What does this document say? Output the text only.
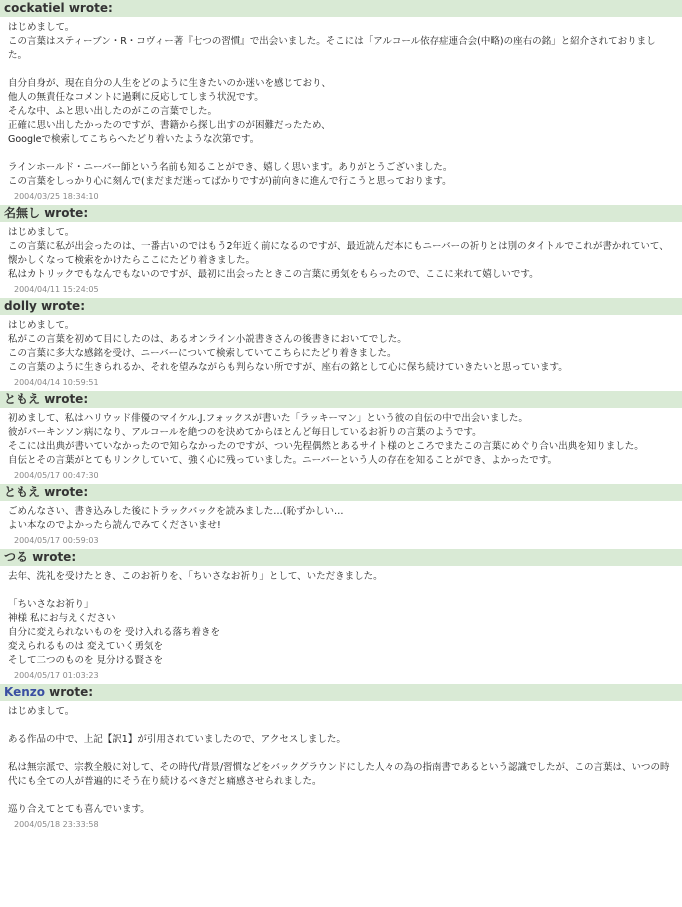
cockatiel wrote:
はじめまして。
この言葉はスティーブン・R・コヴィー著『七つの習慣』で出会いました。そこには「アルコール依存症連合会(中略)の座右の銘」と紹介されておりました。
自分自身が、現在自分の人生をどのように生きたいのか迷いを感じており、
他人の無責任なコメントに過剰に反応してしまう状況です。
そんな中、ふと思い出したのがこの言葉でした。
正確に思い出したかったのですが、書籍から探し出すのが困難だったため、
Googleで検索してこちらへたどり着いたような次第です。
ラインホールド・ニーバー師という名前も知ることができ、嬉しく思います。ありがとうございました。
この言葉をしっかり心に刻んで(まだまだ迷ってばかりですが)前向きに進んで行こうと思っております。
2004/03/25 18:34:10
名無し wrote:
はじめまして。
この言葉に私が出会ったのは、一番古いのではもう2年近く前になるのですが、最近読んだ本にもニーバーの祈りとは別のタイトルでこれが書かれていて、懐かしくなって検索をかけたらここにたどり着きました。
私はカトリックでもなんでもないのですが、最初に出会ったときこの言葉に勇気をもらったので、ここに来れて嬉しいです。
2004/04/11 15:24:05
dolly wrote:
はじめまして。
私がこの言葉を初めて目にしたのは、あるオンライン小説書きさんの後書きにおいてでした。
この言葉に多大な感銘を受け、ニーバーについて検索していてこちらにたどり着きました。
この言葉のように生きられるか、それを望みながらも判らない所ですが、座右の銘として心に保ち続けていきたいと思っています。
2004/04/14 10:59:51
ともえ wrote:
初めまして、私はハリウッド俳優のマイケル.J.フォックスが書いた「ラッキーマン」という彼の自伝の中で出会いました。
彼がパーキンソン病になり、アルコールを絶つのを決めてからほとんど毎日しているお祈りの言葉のようです。
そこには出典が書いていなかったので知らなかったのですが、つい先程偶然とあるサイト様のところでまたこの言葉にめぐり合い出典を知りました。
自伝とその言葉がとてもリンクしていて、強く心に残っていました。ニーバーという人の存在を知ることができ、よかったです。
2004/05/17 00:47:30
ともえ wrote:
ごめんなさい、書き込みした後にトラックバックを読みました…(恥ずかしい…
よい本なのでよかったら読んでみてくださいませ!
2004/05/17 00:59:03
つる wrote:
去年、洗礼を受けたとき、このお祈りを、「ちいさなお祈り」として、いただきました。
「ちいさなお祈り」
神様 私にお与えください
自分に変えられないものを 受け入れる落ち着きを
変えられるものは 変えていく勇気を
そして二つのものを 見分ける賢さを
2004/05/17 01:03:23
Kenzo wrote:
はじめまして。
ある作品の中で、上記【訳1】が引用されていましたので、アクセスしました。
私は無宗派で、宗教全般に対して、その時代/背景/習慣などをバックグラウンドにした人々の為の指南書であるという認識でしたが、この言葉は、いつの時代にも全ての人が普遍的にそう在り続けるべきだと痛感させられました。
巡り合えてとても喜んでいます。
2004/05/18 23:33:58
